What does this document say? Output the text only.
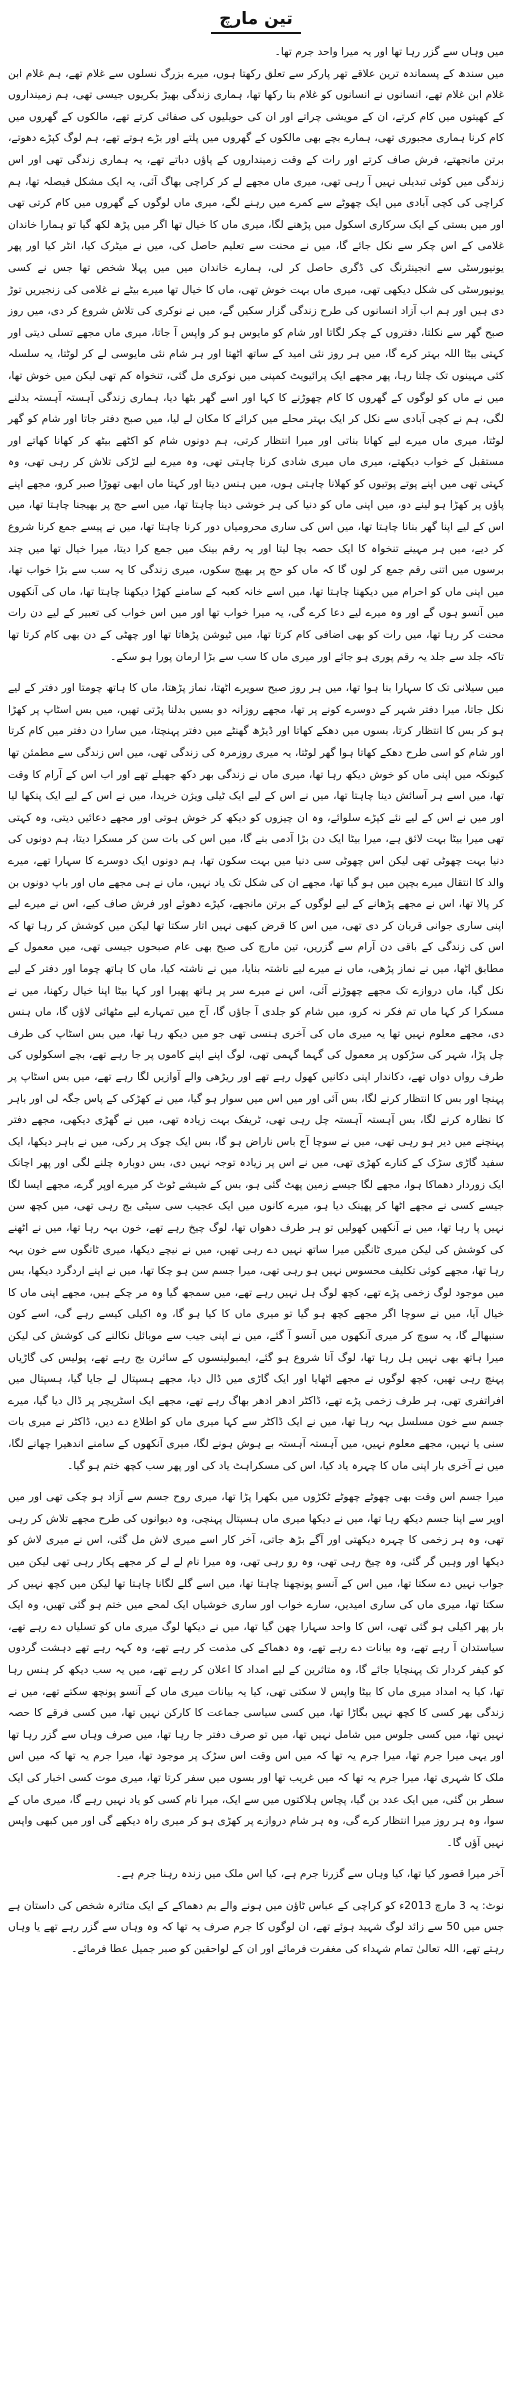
تین مارچ

میں وہاں سے گزر رہا تھا اور یہ میرا واحد جرم تھا۔

میں سندھ کے پسماندہ ترین علاقے تھر پارکر سے تعلق رکھتا ہوں، میرے بزرگ نسلوں سے غلام تھے، ہم غلام ابن غلام ابن غلام تھے، انسانوں نے انسانوں کو غلام بنا رکھا تھا، ہماری زندگی بھیڑ بکریوں جیسی تھی، ہم زمینداروں کے کھیتوں میں کام کرتے، ان کے مویشی چراتے اور ان کی حویلیوں کی صفائی کرتے تھے، مالکوں کے گھروں میں کام کرنا ہماری مجبوری تھی، ہمارے بچے بھی مالکوں کے گھروں میں پلتے اور بڑے ہوتے تھے، ہم لوگ کپڑے دھوتے، برتن مانجھتے، فرش صاف کرتے اور رات کے وقت زمینداروں کے پاؤں دباتے تھے، یہ ہماری زندگی تھی اور اس زندگی میں کوئی تبدیلی نہیں آ رہی تھی، میری ماں مجھے لے کر کراچی بھاگ آئی، یہ ایک مشکل فیصلہ تھا، ہم کراچی کی کچی آبادی میں ایک چھوٹے سے کمرے میں رہنے لگے، میری ماں لوگوں کے گھروں میں کام کرتی تھی اور میں بستی کے ایک سرکاری اسکول میں پڑھنے لگا، میری ماں کا خیال تھا اگر میں پڑھ لکھ گیا تو ہمارا خاندان غلامی کے اس چکر سے نکل جائے گا، میں نے محنت سے تعلیم حاصل کی، میں نے میٹرک کیا، انٹر کیا اور پھر یونیورسٹی سے انجینئرنگ کی ڈگری حاصل کر لی، ہمارے خاندان میں میں پہلا شخص تھا جس نے کسی یونیورسٹی کی شکل دیکھی تھی، میری ماں بہت خوش تھی، ماں کا خیال تھا میرے بیٹے نے غلامی کی زنجیریں توڑ دی ہیں اور ہم اب آزاد انسانوں کی طرح زندگی گزار سکیں گے، میں نے نوکری کی تلاش شروع کر دی، میں روز صبح گھر سے نکلتا، دفتروں کے چکر لگاتا اور شام کو مایوس ہو کر واپس آ جاتا، میری ماں مجھے تسلی دیتی اور کہتی بیٹا اللہ بہتر کرے گا، میں ہر روز نئی امید کے ساتھ اٹھتا اور ہر شام نئی مایوسی لے کر لوٹتا، یہ سلسلہ کئی مہینوں تک چلتا رہا، پھر مجھے ایک پرائیویٹ کمپنی میں نوکری مل گئی، تنخواہ کم تھی لیکن میں خوش تھا، میں نے ماں کو لوگوں کے گھروں کا کام چھوڑنے کا کہا اور اسے گھر بٹھا دیا، ہماری زندگی آہستہ آہستہ بدلنے لگی، ہم نے کچی آبادی سے نکل کر ایک بہتر محلے میں کرائے کا مکان لے لیا، میں صبح دفتر جاتا اور شام کو گھر لوٹتا، میری ماں میرے لیے کھانا بناتی اور میرا انتظار کرتی، ہم دونوں شام کو اکٹھے بیٹھ کر کھانا کھاتے اور مستقبل کے خواب دیکھتے، میری ماں میری شادی کرنا چاہتی تھی، وہ میرے لیے لڑکی تلاش کر رہی تھی، وہ کہتی تھی میں اپنے پوتے پوتیوں کو کھلانا چاہتی ہوں، میں ہنس دیتا اور کہتا ماں ابھی تھوڑا صبر کرو، مجھے اپنے پاؤں پر کھڑا ہو لینے دو، میں اپنی ماں کو دنیا کی ہر خوشی دینا چاہتا تھا، میں اسے حج پر بھیجنا چاہتا تھا، میں اس کے لیے اپنا گھر بنانا چاہتا تھا، میں اس کی ساری محرومیاں دور کرنا چاہتا تھا، میں نے پیسے جمع کرنا شروع کر دیے، میں ہر مہینے تنخواہ کا ایک حصہ بچا لیتا اور یہ رقم بینک میں جمع کرا دیتا، میرا خیال تھا میں چند برسوں میں اتنی رقم جمع کر لوں گا کہ ماں کو حج پر بھیج سکوں، میری زندگی کا یہ سب سے بڑا خواب تھا، میں اپنی ماں کو احرام میں دیکھنا چاہتا تھا، میں اسے خانہ کعبہ کے سامنے کھڑا دیکھنا چاہتا تھا، ماں کی آنکھوں میں آنسو ہوں گے اور وہ میرے لیے دعا کرے گی، یہ میرا خواب تھا اور میں اس خواب کی تعبیر کے لیے دن رات محنت کر رہا تھا، میں رات کو بھی اضافی کام کرتا تھا، میں ٹیوشن پڑھاتا تھا اور چھٹی کے دن بھی کام کرتا تھا تاکہ جلد سے جلد یہ رقم پوری ہو جائے اور میری ماں کا سب سے بڑا ارمان پورا ہو سکے۔

میں سیلانی تک کا سہارا بنا ہوا تھا، میں ہر روز صبح سویرے اٹھتا، نماز پڑھتا، ماں کا ہاتھ چومتا اور دفتر کے لیے نکل جاتا، میرا دفتر شہر کے دوسرے کونے پر تھا، مجھے روزانہ دو بسیں بدلنا پڑتی تھیں، میں بس اسٹاپ پر کھڑا ہو کر بس کا انتظار کرتا، بسوں میں دھکے کھاتا اور ڈیڑھ گھنٹے میں دفتر پہنچتا، میں سارا دن دفتر میں کام کرتا اور شام کو اسی طرح دھکے کھاتا ہوا گھر لوٹتا، یہ میری روزمرہ کی زندگی تھی، میں اس زندگی سے مطمئن تھا کیونکہ میں اپنی ماں کو خوش دیکھ رہا تھا، میری ماں نے زندگی بھر دکھ جھیلے تھے اور اب اس کے آرام کا وقت تھا، میں اسے ہر آسائش دینا چاہتا تھا، میں نے اس کے لیے ایک ٹیلی ویژن خریدا، میں نے اس کے لیے ایک پنکھا لیا اور میں نے اس کے لیے نئے کپڑے سلوائے، وہ ان چیزوں کو دیکھ کر خوش ہوتی اور مجھے دعائیں دیتی، وہ کہتی تھی میرا بیٹا بہت لائق ہے، میرا بیٹا ایک دن بڑا آدمی بنے گا، میں اس کی بات سن کر مسکرا دیتا، ہم دونوں کی دنیا بہت چھوٹی تھی لیکن اس چھوٹی سی دنیا میں بہت سکون تھا، ہم دونوں ایک دوسرے کا سہارا تھے، میرے والد کا انتقال میرے بچپن میں ہو گیا تھا، مجھے ان کی شکل تک یاد نہیں، ماں نے ہی مجھے ماں اور باپ دونوں بن کر پالا تھا، اس نے مجھے پڑھانے کے لیے لوگوں کے برتن مانجھے، کپڑے دھوئے اور فرش صاف کیے، اس نے میرے لیے اپنی ساری جوانی قربان کر دی تھی، میں اس کا قرض کبھی نہیں اتار سکتا تھا لیکن میں کوشش کر رہا تھا کہ اس کی زندگی کے باقی دن آرام سے گزریں، تین مارچ کی صبح بھی عام صبحوں جیسی تھی، میں معمول کے مطابق اٹھا، میں نے نماز پڑھی، ماں نے میرے لیے ناشتہ بنایا، میں نے ناشتہ کیا، ماں کا ہاتھ چوما اور دفتر کے لیے نکل گیا، ماں دروازے تک مجھے چھوڑنے آئی، اس نے میرے سر پر ہاتھ پھیرا اور کہا بیٹا اپنا خیال رکھنا، میں نے مسکرا کر کہا ماں تم فکر نہ کرو، میں شام کو جلدی آ جاؤں گا، آج میں تمہارے لیے مٹھائی لاؤں گا، ماں ہنس دی، مجھے معلوم نہیں تھا یہ میری ماں کی آخری ہنسی تھی جو میں دیکھ رہا تھا، میں بس اسٹاپ کی طرف چل پڑا، شہر کی سڑکوں پر معمول کی گہما گہمی تھی، لوگ اپنے اپنے کاموں پر جا رہے تھے، بچے اسکولوں کی طرف رواں دواں تھے، دکاندار اپنی دکانیں کھول رہے تھے اور ریڑھی والے آوازیں لگا رہے تھے، میں بس اسٹاپ پر پہنچا اور بس کا انتظار کرنے لگا، بس آئی اور میں اس میں سوار ہو گیا، میں نے کھڑکی کے پاس جگہ لی اور باہر کا نظارہ کرنے لگا، بس آہستہ آہستہ چل رہی تھی، ٹریفک بہت زیادہ تھی، میں نے گھڑی دیکھی، مجھے دفتر پہنچنے میں دیر ہو رہی تھی، میں نے سوچا آج باس ناراض ہو گا، بس ایک چوک پر رکی، میں نے باہر دیکھا، ایک سفید گاڑی سڑک کے کنارے کھڑی تھی، میں نے اس پر زیادہ توجہ نہیں دی، بس دوبارہ چلنے لگی اور پھر اچانک ایک زوردار دھماکا ہوا، مجھے لگا جیسے زمین پھٹ گئی ہو، بس کے شیشے ٹوٹ کر میرے اوپر گرے، مجھے ایسا لگا جیسے کسی نے مجھے اٹھا کر پھینک دیا ہو، میرے کانوں میں ایک عجیب سی سیٹی بج رہی تھی، میں کچھ سن نہیں پا رہا تھا، میں نے آنکھیں کھولیں تو ہر طرف دھواں تھا، لوگ چیخ رہے تھے، خون بہہ رہا تھا، میں نے اٹھنے کی کوشش کی لیکن میری ٹانگیں میرا ساتھ نہیں دے رہی تھیں، میں نے نیچے دیکھا، میری ٹانگوں سے خون بہہ رہا تھا، مجھے کوئی تکلیف محسوس نہیں ہو رہی تھی، میرا جسم سن ہو چکا تھا، میں نے اپنے اردگرد دیکھا، بس میں موجود لوگ زخمی پڑے تھے، کچھ لوگ ہل نہیں رہے تھے، میں سمجھ گیا وہ مر چکے ہیں، مجھے اپنی ماں کا خیال آیا، میں نے سوچا اگر مجھے کچھ ہو گیا تو میری ماں کا کیا ہو گا، وہ اکیلی کیسے رہے گی، اسے کون سنبھالے گا، یہ سوچ کر میری آنکھوں میں آنسو آ گئے، میں نے اپنی جیب سے موبائل نکالنے کی کوشش کی لیکن میرا ہاتھ بھی نہیں ہل رہا تھا، لوگ آنا شروع ہو گئے، ایمبولینسوں کے سائرن بج رہے تھے، پولیس کی گاڑیاں پہنچ رہی تھیں، کچھ لوگوں نے مجھے اٹھایا اور ایک گاڑی میں ڈال دیا، مجھے ہسپتال لے جایا گیا، ہسپتال میں افراتفری تھی، ہر طرف زخمی پڑے تھے، ڈاکٹر ادھر ادھر بھاگ رہے تھے، مجھے ایک اسٹریچر پر ڈال دیا گیا، میرے جسم سے خون مسلسل بہہ رہا تھا، میں نے ایک ڈاکٹر سے کہا میری ماں کو اطلاع دے دیں، ڈاکٹر نے میری بات سنی یا نہیں، مجھے معلوم نہیں، میں آہستہ آہستہ بے ہوش ہونے لگا، میری آنکھوں کے سامنے اندھیرا چھانے لگا، میں نے آخری بار اپنی ماں کا چہرہ یاد کیا، اس کی مسکراہٹ یاد کی اور پھر سب کچھ ختم ہو گیا۔

میرا جسم اس وقت بھی چھوٹے چھوٹے ٹکڑوں میں بکھرا پڑا تھا، میری روح جسم سے آزاد ہو چکی تھی اور میں اوپر سے اپنا جسم دیکھ رہا تھا، میں نے دیکھا میری ماں ہسپتال پہنچی، وہ دیوانوں کی طرح مجھے تلاش کر رہی تھی، وہ ہر زخمی کا چہرہ دیکھتی اور آگے بڑھ جاتی، آخر کار اسے میری لاش مل گئی، اس نے میری لاش کو دیکھا اور وہیں گر گئی، وہ چیخ رہی تھی، وہ رو رہی تھی، وہ میرا نام لے لے کر مجھے پکار رہی تھی لیکن میں جواب نہیں دے سکتا تھا، میں اس کے آنسو پونچھنا چاہتا تھا، میں اسے گلے لگانا چاہتا تھا لیکن میں کچھ نہیں کر سکتا تھا، میری ماں کی ساری امیدیں، سارے خواب اور ساری خوشیاں ایک لمحے میں ختم ہو گئی تھیں، وہ ایک بار پھر اکیلی ہو گئی تھی، اس کا واحد سہارا چھن گیا تھا، میں نے دیکھا لوگ میری ماں کو تسلیاں دے رہے تھے، سیاستدان آ رہے تھے، وہ بیانات دے رہے تھے، وہ دھماکے کی مذمت کر رہے تھے، وہ کہہ رہے تھے دہشت گردوں کو کیفر کردار تک پہنچایا جائے گا، وہ متاثرین کے لیے امداد کا اعلان کر رہے تھے، میں یہ سب دیکھ کر ہنس رہا تھا، کیا یہ امداد میری ماں کا بیٹا واپس لا سکتی تھی، کیا یہ بیانات میری ماں کے آنسو پونچھ سکتے تھے، میں نے زندگی بھر کسی کا کچھ نہیں بگاڑا تھا، میں کسی سیاسی جماعت کا کارکن نہیں تھا، میں کسی فرقے کا حصہ نہیں تھا، میں کسی جلوس میں شامل نہیں تھا، میں تو صرف دفتر جا رہا تھا، میں صرف وہاں سے گزر رہا تھا اور یہی میرا جرم تھا، میرا جرم یہ تھا کہ میں اس وقت اس سڑک پر موجود تھا، میرا جرم یہ تھا کہ میں اس ملک کا شہری تھا، میرا جرم یہ تھا کہ میں غریب تھا اور بسوں میں سفر کرتا تھا، میری موت کسی اخبار کی ایک سطر بن گئی، میں ایک عدد بن گیا، پچاس ہلاکتوں میں سے ایک، میرا نام کسی کو یاد نہیں رہے گا، میری ماں کے سوا، وہ ہر روز میرا انتظار کرے گی، وہ ہر شام دروازے پر کھڑی ہو کر میری راہ دیکھے گی اور میں کبھی واپس نہیں آؤں گا۔

آخر میرا قصور کیا تھا، کیا وہاں سے گزرنا جرم ہے، کیا اس ملک میں زندہ رہنا جرم ہے۔

نوٹ: یہ 3 مارچ 2013ء کو کراچی کے عباس ٹاؤن میں ہونے والے بم دھماکے کے ایک متاثرہ شخص کی داستان ہے جس میں 50 سے زائد لوگ شہید ہوئے تھے، ان لوگوں کا جرم صرف یہ تھا کہ وہ وہاں سے گزر رہے تھے یا وہاں رہتے تھے، اللہ تعالیٰ تمام شہداء کی مغفرت فرمائے اور ان کے لواحقین کو صبر جمیل عطا فرمائے۔
